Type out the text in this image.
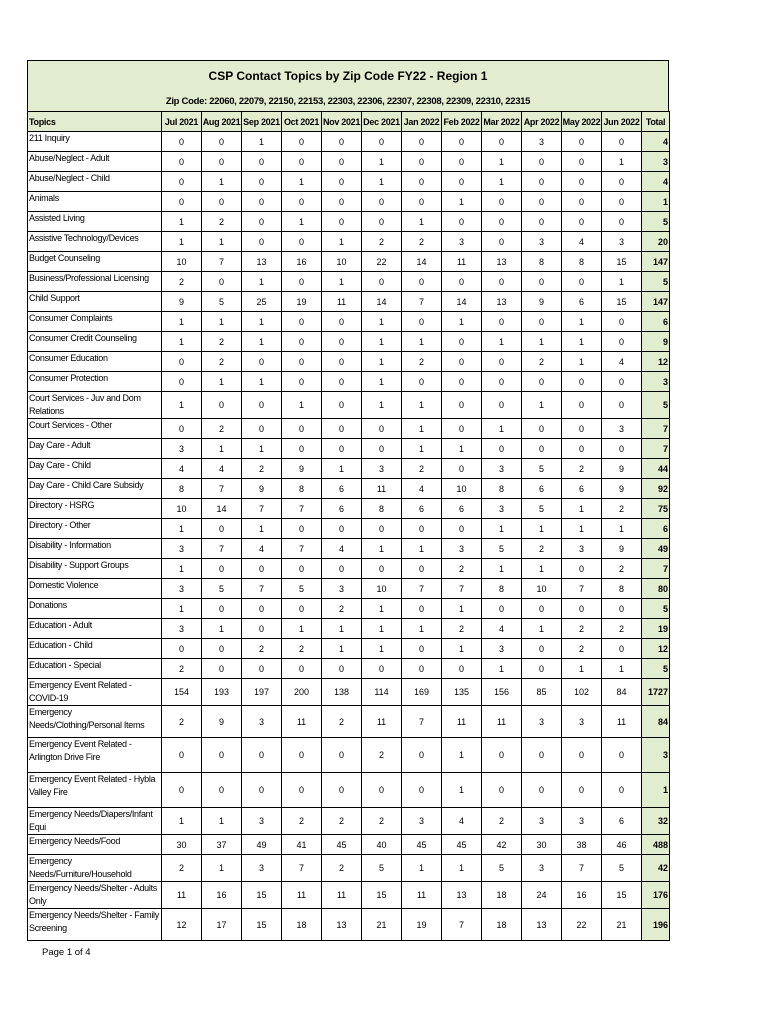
CSP Contact Topics by Zip Code FY22 - Region 1
Zip Code: 22060, 22079, 22150, 22153, 22303, 22306, 22307, 22308, 22309, 22310, 22315
Topics	Jul 2021	Aug 2021	Sep 2021	Oct 2021	Nov 2021	Dec 2021	Jan 2022	Feb 2022	Mar 2022	Apr 2022	May 2022	Jun 2022	Total
211 Inquiry	0	0	1	0	0	0	0	0	0	3	0	0	4
Abuse/Neglect - Adult	0	0	0	0	0	1	0	0	1	0	0	1	3
Abuse/Neglect - Child	0	1	0	1	0	1	0	0	1	0	0	0	4
Animals	0	0	0	0	0	0	0	1	0	0	0	0	1
Assisted Living	1	2	0	1	0	0	1	0	0	0	0	0	5
Assistive Technology/Devices	1	1	0	0	1	2	2	3	0	3	4	3	20
Budget Counseling	10	7	13	16	10	22	14	11	13	8	8	15	147
Business/Professional Licensing	2	0	1	0	1	0	0	0	0	0	0	1	5
Child Support	9	5	25	19	11	14	7	14	13	9	6	15	147
Consumer Complaints	1	1	1	0	0	1	0	1	0	0	1	0	6
Consumer Credit Counseling	1	2	1	0	0	1	1	0	1	1	1	0	9
Consumer Education	0	2	0	0	0	1	2	0	0	2	1	4	12
Consumer Protection	0	1	1	0	0	1	0	0	0	0	0	0	3
Court Services - Juv and Dom Relations	1	0	0	1	0	1	1	0	0	1	0	0	5
Court Services - Other	0	2	0	0	0	0	1	0	1	0	0	3	7
Day Care - Adult	3	1	1	0	0	0	1	1	0	0	0	0	7
Day Care - Child	4	4	2	9	1	3	2	0	3	5	2	9	44
Day Care - Child Care Subsidy	8	7	9	8	6	11	4	10	8	6	6	9	92
Directory - HSRG	10	14	7	7	6	8	6	6	3	5	1	2	75
Directory - Other	1	0	1	0	0	0	0	0	1	1	1	1	6
Disability - Information	3	7	4	7	4	1	1	3	5	2	3	9	49
Disability - Support Groups	1	0	0	0	0	0	0	2	1	1	0	2	7
Domestic Violence	3	5	7	5	3	10	7	7	8	10	7	8	80
Donations	1	0	0	0	2	1	0	1	0	0	0	0	5
Education - Adult	3	1	0	1	1	1	1	2	4	1	2	2	19
Education - Child	0	0	2	2	1	1	0	1	3	0	2	0	12
Education - Special	2	0	0	0	0	0	0	0	1	0	1	1	5
Emergency Event Related - COVID-19	154	193	197	200	138	114	169	135	156	85	102	84	1727
Emergency Needs/Clothing/Personal Items	2	9	3	11	2	11	7	11	11	3	3	11	84
Emergency Event Related - Arlington Drive Fire	0	0	0	0	0	2	0	1	0	0	0	0	3
Emergency Event Related - Hybla Valley Fire	0	0	0	0	0	0	0	1	0	0	0	0	1
Emergency Needs/Diapers/Infant Equi	1	1	3	2	2	2	3	4	2	3	3	6	32
Emergency Needs/Food	30	37	49	41	45	40	45	45	42	30	38	46	488
Emergency Needs/Furniture/Household	2	1	3	7	2	5	1	1	5	3	7	5	42
Emergency Needs/Shelter - Adults Only	11	16	15	11	11	15	11	13	18	24	16	15	176
Emergency Needs/Shelter - Family Screening	12	17	15	18	13	21	19	7	18	13	22	21	196
Page 1 of 4
